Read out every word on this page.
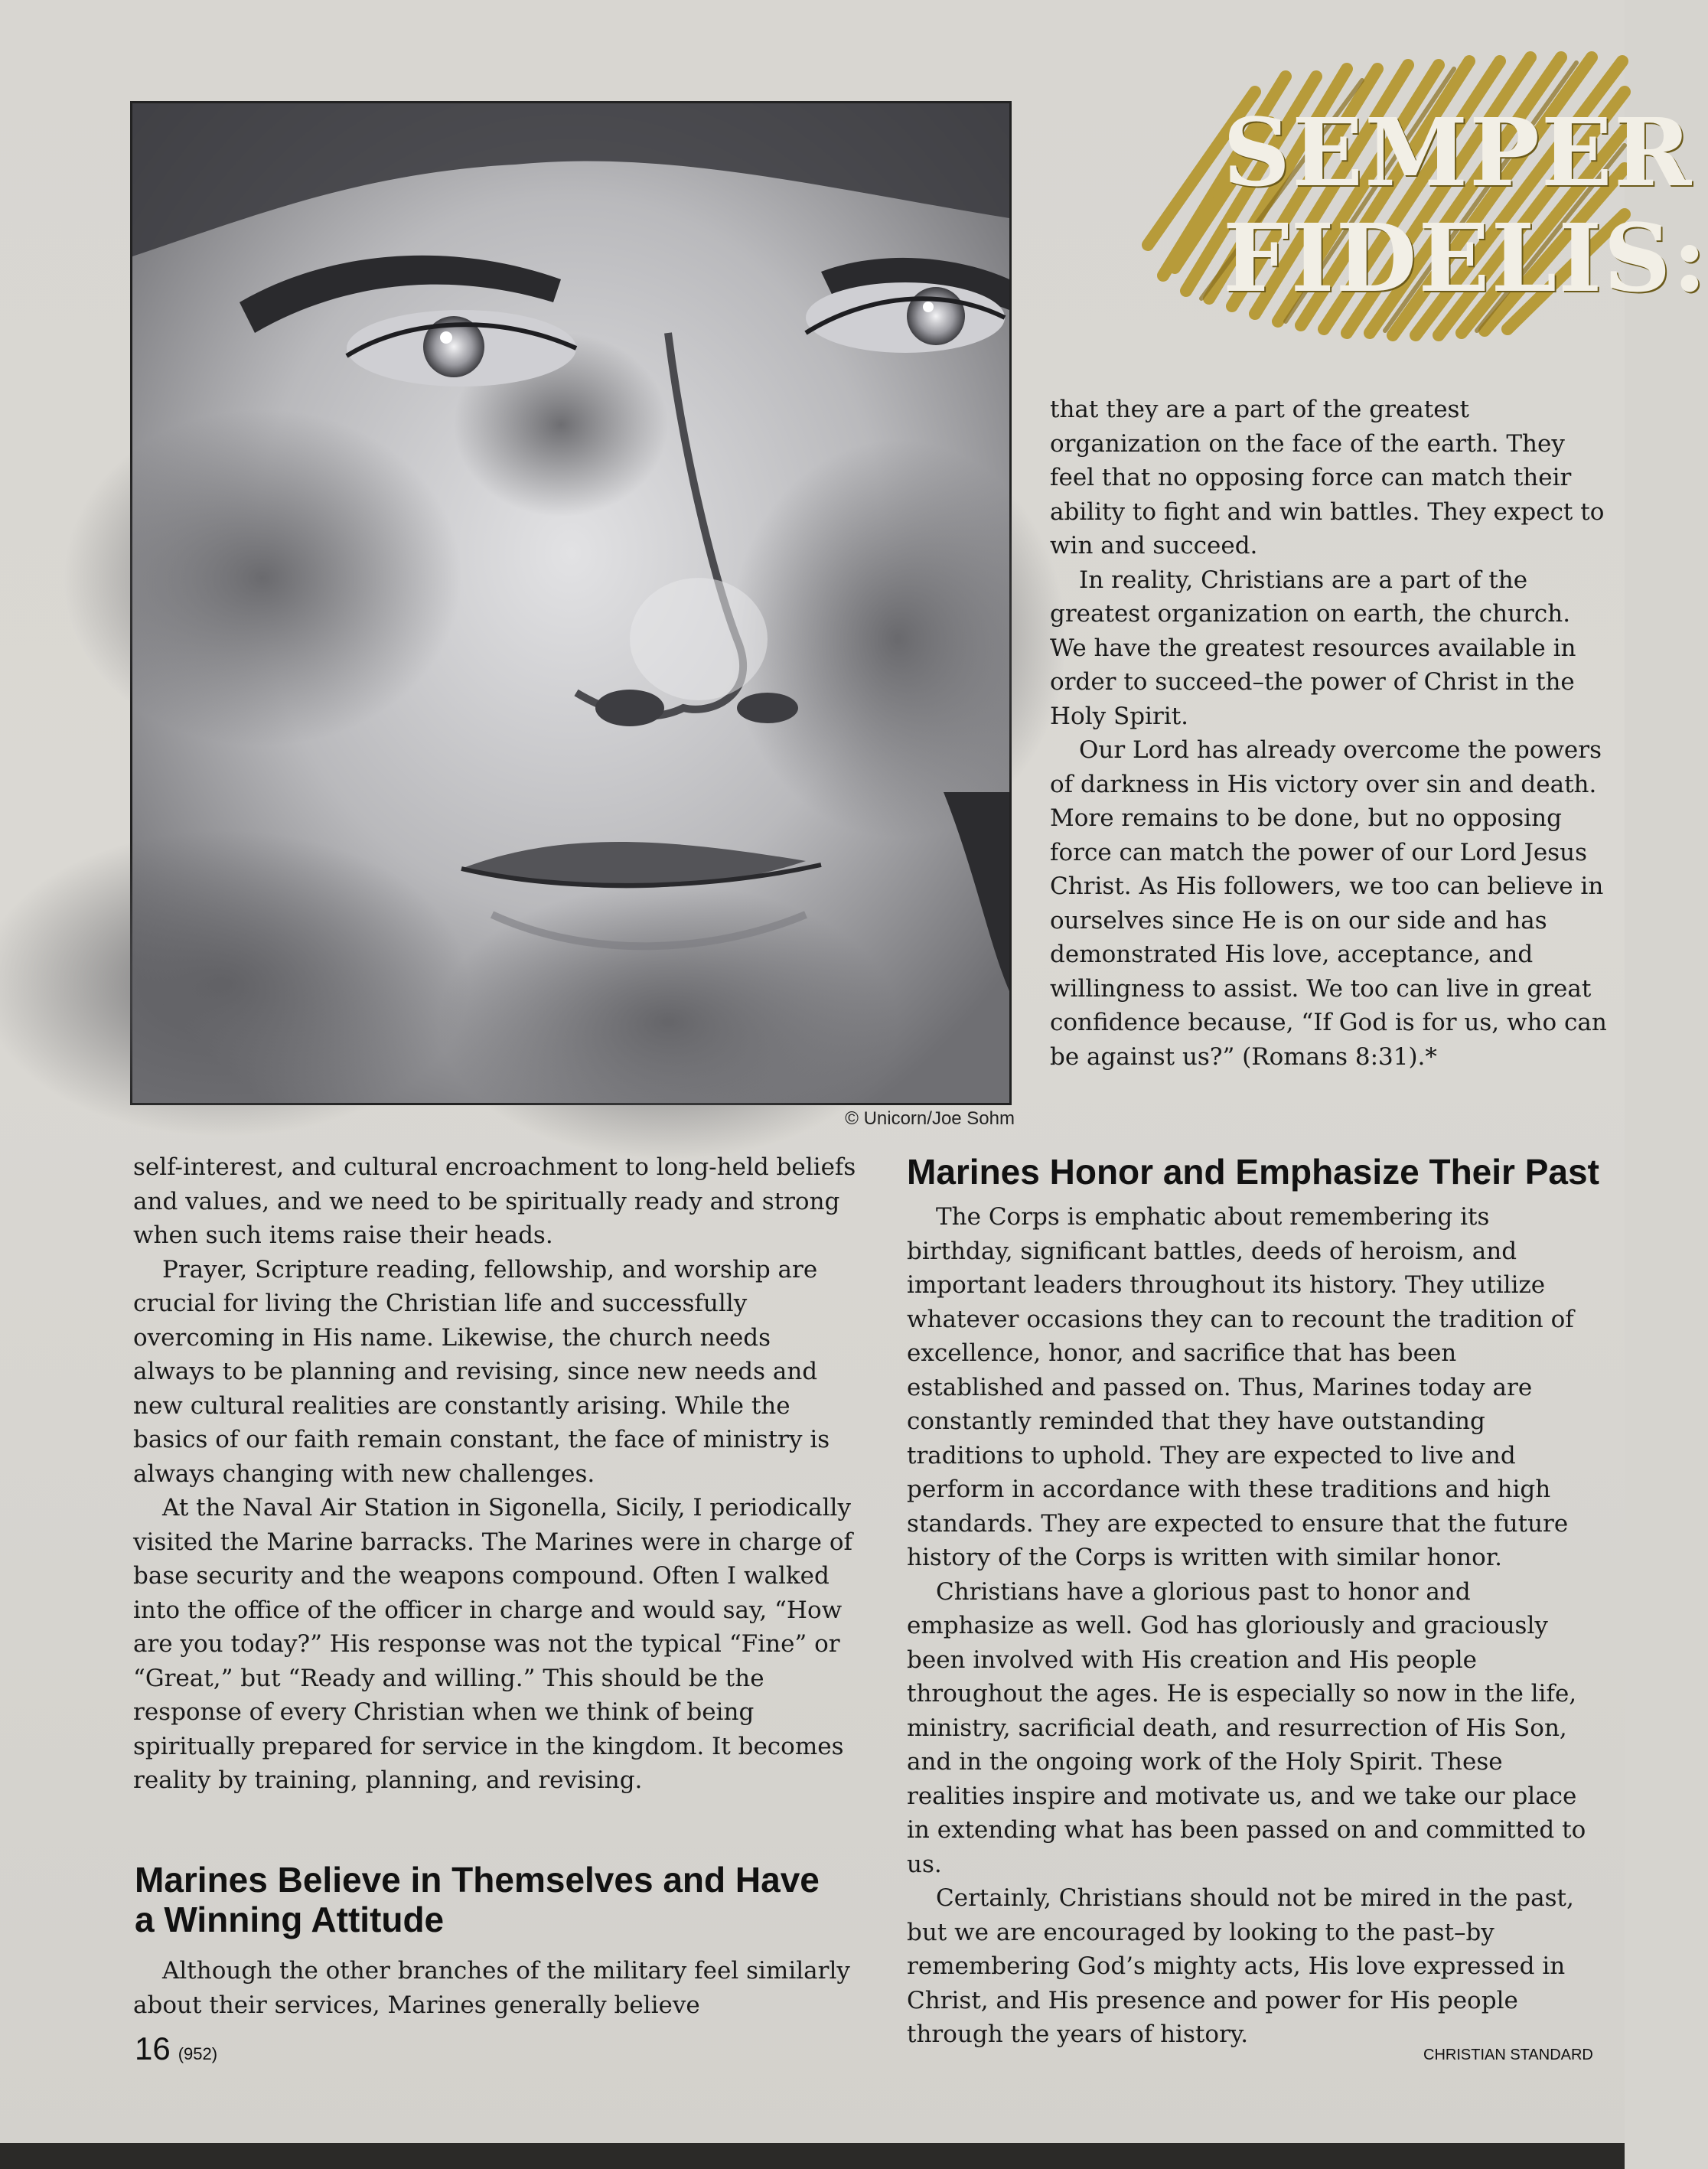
© Unicorn/Joe Sohm
SEMPER
FIDELIS:

that they are a part of the greatest organization on the face of the earth. They feel that no opposing force can match their ability to fight and win battles. They expect to win and succeed.

In reality, Christians are a part of the greatest organization on earth, the church. We have the greatest resources available in order to succeed–the power of Christ in the Holy Spirit.

Our Lord has already overcome the powers of darkness in His victory over sin and death. More remains to be done, but no opposing force can match the power of our Lord Jesus Christ. As His followers, we too can believe in ourselves since He is on our side and has demonstrated His love, acceptance, and willingness to assist. We too can live in great confidence because, “If God is for us, who can be against us?” (Romans 8:31).*

self-interest, and cultural encroachment to long-held beliefs and values, and we need to be spiritually ready and strong when such items raise their heads.

Prayer, Scripture reading, fellowship, and worship are crucial for living the Christian life and successfully overcoming in His name. Likewise, the church needs always to be planning and revising, since new needs and new cultural realities are constantly arising. While the basics of our faith remain constant, the face of ministry is always changing with new challenges.

At the Naval Air Station in Sigonella, Sicily, I periodically visited the Marine barracks. The Marines were in charge of base security and the weapons compound. Often I walked into the office of the officer in charge and would say, “How are you today?” His response was not the typical “Fine” or “Great,” but “Ready and willing.” This should be the response of every Christian when we think of being spiritually prepared for service in the kingdom. It becomes reality by training, planning, and revising.

Marines Believe in Themselves and Have a Winning Attitude

Although the other branches of the military feel similarly about their services, Marines generally believe

Marines Honor and Emphasize Their Past

The Corps is emphatic about remembering its birthday, significant battles, deeds of heroism, and important leaders throughout its history. They utilize whatever occasions they can to recount the tradition of excellence, honor, and sacrifice that has been established and passed on. Thus, Marines today are constantly reminded that they have outstanding traditions to uphold. They are expected to live and perform in accordance with these traditions and high standards. They are expected to ensure that the future history of the Corps is written with similar honor.

Christians have a glorious past to honor and emphasize as well. God has gloriously and graciously been involved with His creation and His people throughout the ages. He is especially so now in the life, ministry, sacrificial death, and resurrection of His Son, and in the ongoing work of the Holy Spirit. These realities inspire and motivate us, and we take our place in extending what has been passed on and committed to us.

Certainly, Christians should not be mired in the past, but we are encouraged by looking to the past–by remembering God’s mighty acts, His love expressed in Christ, and His presence and power for His people through the years of history.

16 (952)	CHRISTIAN STANDARD
